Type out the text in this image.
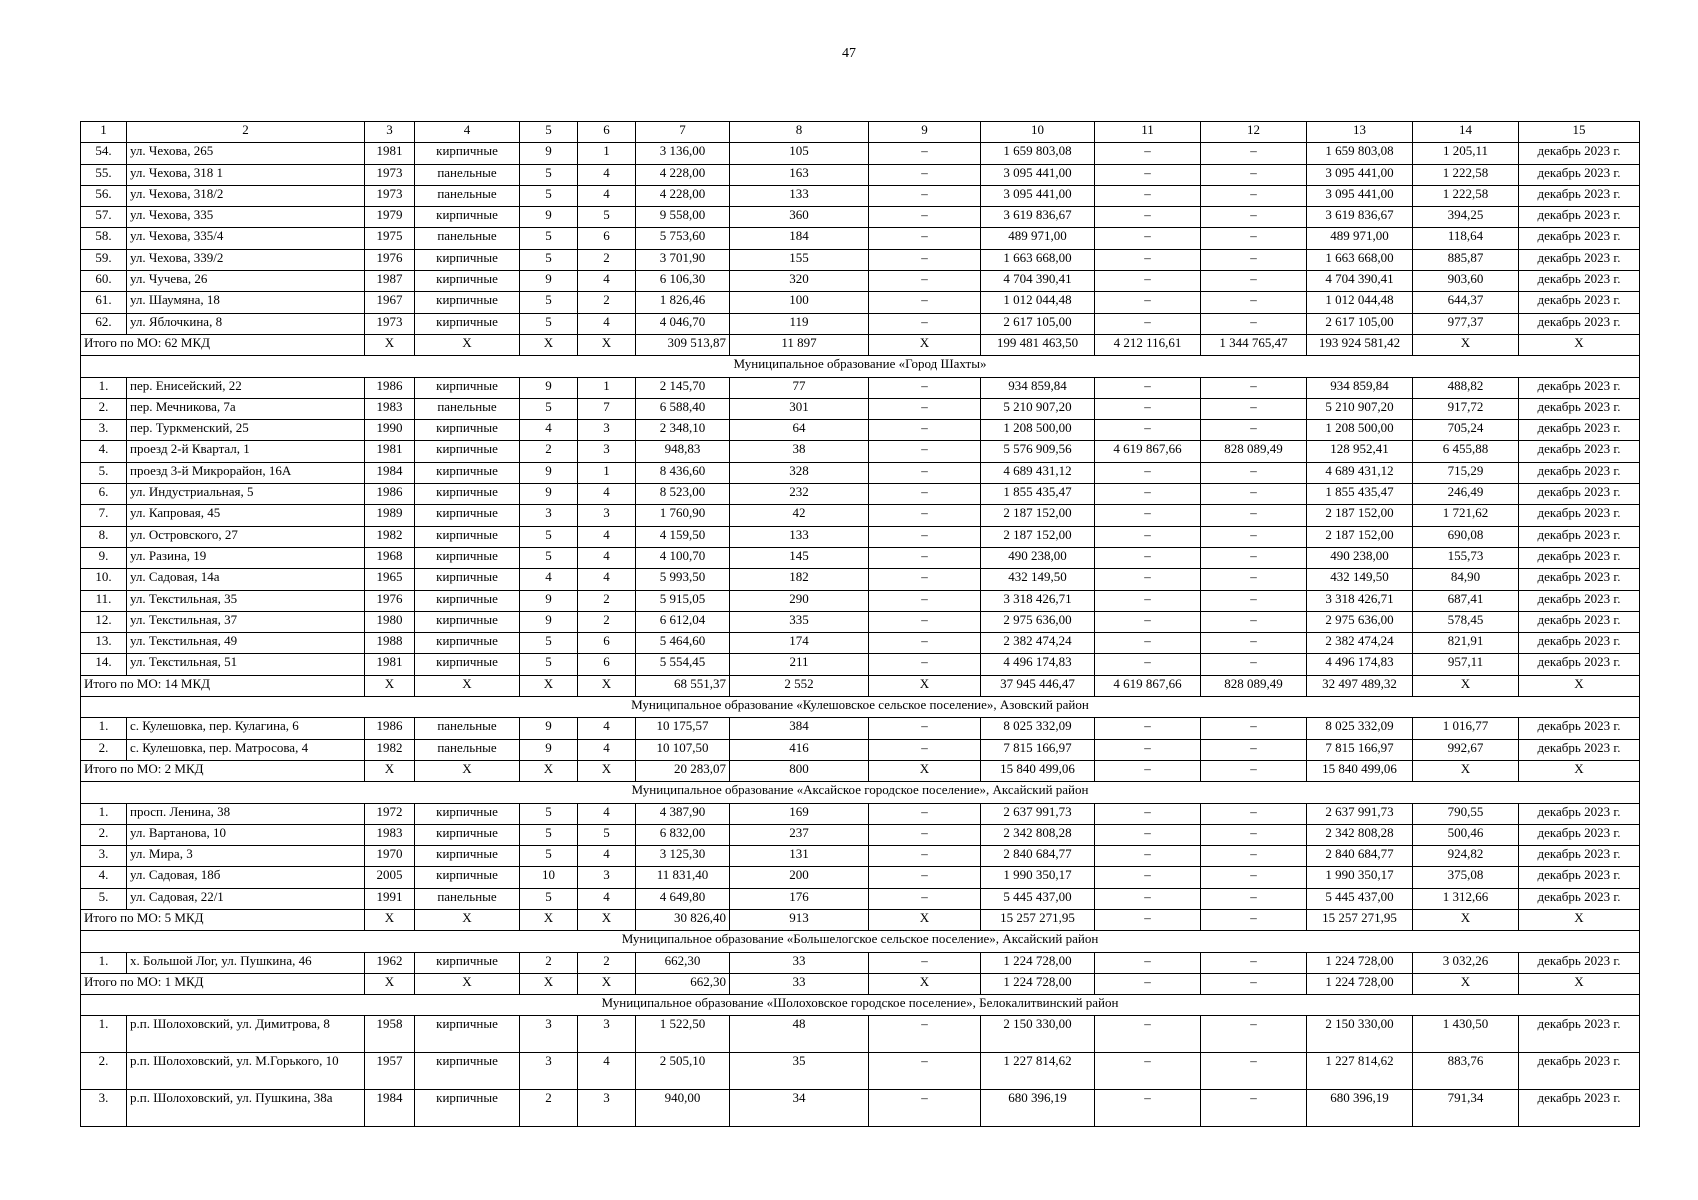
47
1	2	3	4	5	6	7	8	9	10	11	12	13	14	15
54.	ул. Чехова, 265	1981	кирпичные	9	1	3 136,00	105	–	1 659 803,08	–	–	1 659 803,08	1 205,11	декабрь 2023 г.
55.	ул. Чехова, 318 1	1973	панельные	5	4	4 228,00	163	–	3 095 441,00	–	–	3 095 441,00	1 222,58	декабрь 2023 г.
56.	ул. Чехова, 318/2	1973	панельные	5	4	4 228,00	133	–	3 095 441,00	–	–	3 095 441,00	1 222,58	декабрь 2023 г.
57.	ул. Чехова, 335	1979	кирпичные	9	5	9 558,00	360	–	3 619 836,67	–	–	3 619 836,67	394,25	декабрь 2023 г.
58.	ул. Чехова, 335/4	1975	панельные	5	6	5 753,60	184	–	489 971,00	–	–	489 971,00	118,64	декабрь 2023 г.
59.	ул. Чехова, 339/2	1976	кирпичные	5	2	3 701,90	155	–	1 663 668,00	–	–	1 663 668,00	885,87	декабрь 2023 г.
60.	ул. Чучева, 26	1987	кирпичные	9	4	6 106,30	320	–	4 704 390,41	–	–	4 704 390,41	903,60	декабрь 2023 г.
61.	ул. Шаумяна, 18	1967	кирпичные	5	2	1 826,46	100	–	1 012 044,48	–	–	1 012 044,48	644,37	декабрь 2023 г.
62.	ул. Яблочкина, 8	1973	кирпичные	5	4	4 046,70	119	–	2 617 105,00	–	–	2 617 105,00	977,37	декабрь 2023 г.
Итого по МО: 62 МКД		X	X	X	X	309 513,87	11 897	X	199 481 463,50	4 212 116,61	1 344 765,47	193 924 581,42	X	X
Муниципальное образование «Город Шахты»														
1.	пер. Енисейский, 22	1986	кирпичные	9	1	2 145,70	77	–	934 859,84	–	–	934 859,84	488,82	декабрь 2023 г.
2.	пер. Мечникова, 7а	1983	панельные	5	7	6 588,40	301	–	5 210 907,20	–	–	5 210 907,20	917,72	декабрь 2023 г.
3.	пер. Туркменский, 25	1990	кирпичные	4	3	2 348,10	64	–	1 208 500,00	–	–	1 208 500,00	705,24	декабрь 2023 г.
4.	проезд 2-й Квартал, 1	1981	кирпичные	2	3	948,83	38	–	5 576 909,56	4 619 867,66	828 089,49	128 952,41	6 455,88	декабрь 2023 г.
5.	проезд 3-й Микрорайон, 16А	1984	кирпичные	9	1	8 436,60	328	–	4 689 431,12	–	–	4 689 431,12	715,29	декабрь 2023 г.
6.	ул. Индустриальная, 5	1986	кирпичные	9	4	8 523,00	232	–	1 855 435,47	–	–	1 855 435,47	246,49	декабрь 2023 г.
7.	ул. Капровая, 45	1989	кирпичные	3	3	1 760,90	42	–	2 187 152,00	–	–	2 187 152,00	1 721,62	декабрь 2023 г.
8.	ул. Островского, 27	1982	кирпичные	5	4	4 159,50	133	–	2 187 152,00	–	–	2 187 152,00	690,08	декабрь 2023 г.
9.	ул. Разина, 19	1968	кирпичные	5	4	4 100,70	145	–	490 238,00	–	–	490 238,00	155,73	декабрь 2023 г.
10.	ул. Садовая, 14а	1965	кирпичные	4	4	5 993,50	182	–	432 149,50	–	–	432 149,50	84,90	декабрь 2023 г.
11.	ул. Текстильная, 35	1976	кирпичные	9	2	5 915,05	290	–	3 318 426,71	–	–	3 318 426,71	687,41	декабрь 2023 г.
12.	ул. Текстильная, 37	1980	кирпичные	9	2	6 612,04	335	–	2 975 636,00	–	–	2 975 636,00	578,45	декабрь 2023 г.
13.	ул. Текстильная, 49	1988	кирпичные	5	6	5 464,60	174	–	2 382 474,24	–	–	2 382 474,24	821,91	декабрь 2023 г.
14.	ул. Текстильная, 51	1981	кирпичные	5	6	5 554,45	211	–	4 496 174,83	–	–	4 496 174,83	957,11	декабрь 2023 г.
Итого по МО: 14 МКД		X	X	X	X	68 551,37	2 552	X	37 945 446,47	4 619 867,66	828 089,49	32 497 489,32	X	X
Муниципальное образование «Кулешовское сельское поселение», Азовский район														
1.	с. Кулешовка, пер. Кулагина, 6	1986	панельные	9	4	10 175,57	384	–	8 025 332,09	–	–	8 025 332,09	1 016,77	декабрь 2023 г.
2.	с. Кулешовка, пер. Матросова, 4	1982	панельные	9	4	10 107,50	416	–	7 815 166,97	–	–	7 815 166,97	992,67	декабрь 2023 г.
Итого по МО: 2 МКД		X	X	X	X	20 283,07	800	X	15 840 499,06	–	–	15 840 499,06	X	X
Муниципальное образование «Аксайское городское поселение», Аксайский район														
1.	просп. Ленина, 38	1972	кирпичные	5	4	4 387,90	169	–	2 637 991,73	–	–	2 637 991,73	790,55	декабрь 2023 г.
2.	ул. Вартанова, 10	1983	кирпичные	5	5	6 832,00	237	–	2 342 808,28	–	–	2 342 808,28	500,46	декабрь 2023 г.
3.	ул. Мира, 3	1970	кирпичные	5	4	3 125,30	131	–	2 840 684,77	–	–	2 840 684,77	924,82	декабрь 2023 г.
4.	ул. Садовая, 18б	2005	кирпичные	10	3	11 831,40	200	–	1 990 350,17	–	–	1 990 350,17	375,08	декабрь 2023 г.
5.	ул. Садовая, 22/1	1991	панельные	5	4	4 649,80	176	–	5 445 437,00	–	–	5 445 437,00	1 312,66	декабрь 2023 г.
Итого по МО: 5 МКД		X	X	X	X	30 826,40	913	X	15 257 271,95	–	–	15 257 271,95	X	X
Муниципальное образование «Большелогское сельское поселение», Аксайский район														
1.	х. Большой Лог, ул. Пушкина, 46	1962	кирпичные	2	2	662,30	33	–	1 224 728,00	–	–	1 224 728,00	3 032,26	декабрь 2023 г.
Итого по МО: 1 МКД		X	X	X	X	662,30	33	X	1 224 728,00	–	–	1 224 728,00	X	X
Муниципальное образование «Шолоховское городское поселение», Белокалитвинский район														
1.	р.п. Шолоховский, ул. Димитрова, 8	1958	кирпичные	3	3	1 522,50	48	–	2 150 330,00	–	–	2 150 330,00	1 430,50	декабрь 2023 г.
2.	р.п. Шолоховский, ул. М.Горького, 10	1957	кирпичные	3	4	2 505,10	35	–	1 227 814,62	–	–	1 227 814,62	883,76	декабрь 2023 г.
3.	р.п. Шолоховский, ул. Пушкина, 38а	1984	кирпичные	2	3	940,00	34	–	680 396,19	–	–	680 396,19	791,34	декабрь 2023 г.
